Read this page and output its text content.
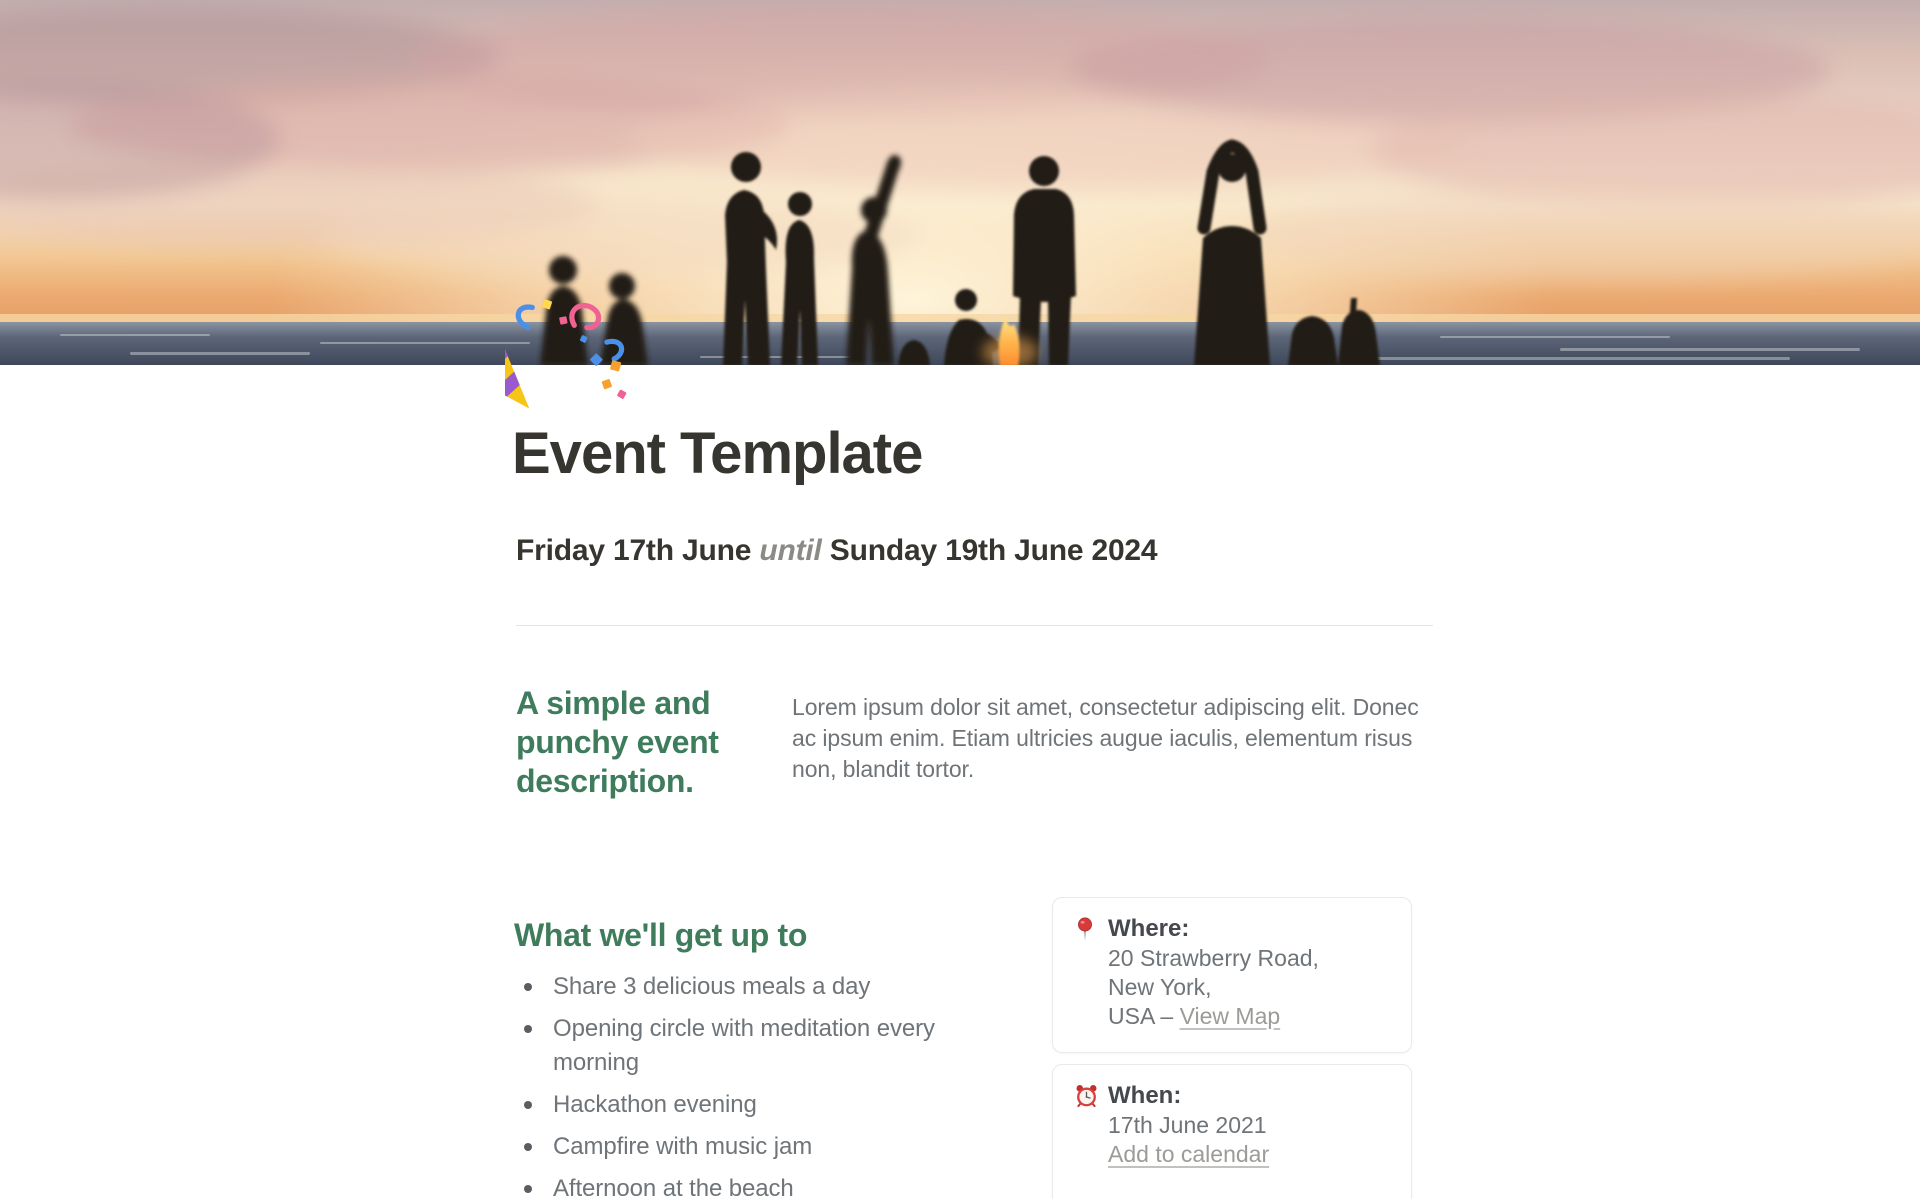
Event Template
Friday 17th June until Sunday 19th June 2024
A simple and punchy event description.

Lorem ipsum dolor sit amet, consectetur adipiscing elit. Donec ac ipsum enim. Etiam ultricies augue iaculis, elementum risus non, blandit tortor.

What we'll get up to
Share 3 delicious meals a day
Opening circle with meditation every morning
Hackathon evening
Campfire with music jam
Afternoon at the beach
Where:
20 Strawberry Road,
New York,
USA – View Map
When:
17th June 2021
Add to calendar
